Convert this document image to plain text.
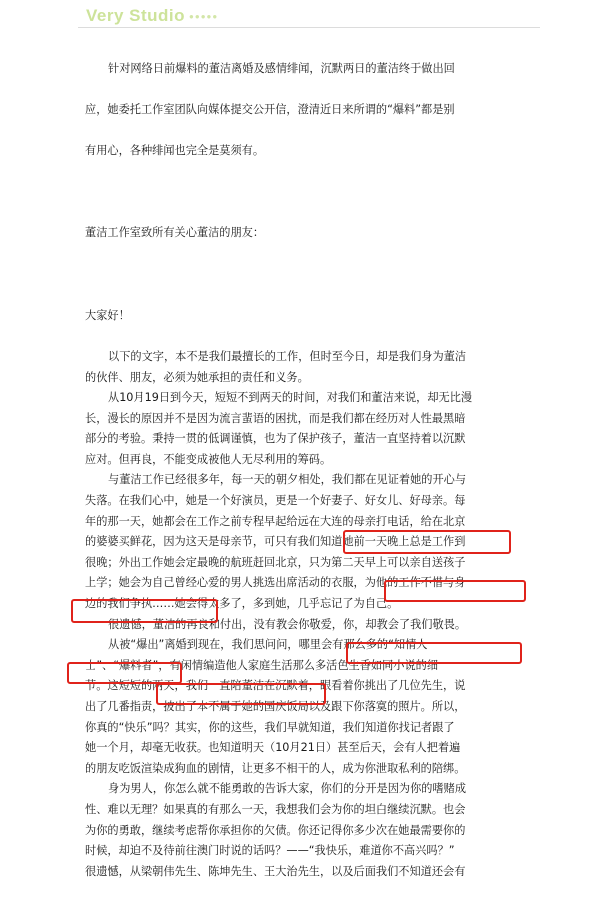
Very Studio ●●●●●

针对网络日前爆料的董洁离婚及感情绯闻，沉默两日的董洁终于做出回

应，她委托工作室团队向媒体提交公开信，澄清近日来所谓的“爆料”都是别

有用心，各种绯闻也完全是莫须有。

董洁工作室致所有关心董洁的朋友：

大家好！

以下的文字，本不是我们最擅长的工作，但时至今日，却是我们身为董洁
的伙伴、朋友，必须为她承担的责任和义务。
从10月19日到今天，短短不到两天的时间，对我们和董洁来说，却无比漫
长，漫长的原因并不是因为流言蜚语的困扰，而是我们都在经历对人性最黑暗
部分的考验。秉持一贯的低调谨慎，也为了保护孩子，董洁一直坚持着以沉默
应对。但再良，不能变成被他人无尽利用的筹码。
与董洁工作已经很多年，每一天的朝夕相处，我们都在见证着她的开心与
失落。在我们心中，她是一个好演员，更是一个好妻子、好女儿、好母亲。每
年的那一天，她都会在工作之前专程早起给远在大连的母亲打电话，给在北京
的婆婆买鲜花，因为这天是母亲节，可只有我们知道她前一天晚上总是工作到
很晚；外出工作她会定最晚的航班赶回北京，只为第二天早上可以亲自送孩子
上学；她会为自己曾经心爱的男人挑选出席活动的衣服，为他的工作不惜与身
边的我们争执……她会得太多了，多到她，几乎忘记了为自己。
很遗憾，董洁的再良和付出，没有教会你敬爱，你，却教会了我们敬畏。
从被“爆出”离婚到现在，我们思问问，哪里会有那么多的“知情人
士”、“爆料者”，有闲情编造他人家庭生活那么多活色生香如同小说的细
节。这短短的两天，我们一直陪董洁在沉默着，眼看着你挑出了几位先生，说
出了几番指责，披出了本不属于她的国庆饭局以及跟下你落寞的照片。所以，
你真的“快乐”吗？其实，你的这些，我们早就知道，我们知道你找记者跟了
她一个月，却毫无收获。也知道明天（10月21日）甚至后天，会有人把着遍
的朋友吃饭渲染成狗血的剧情，让更多不相干的人，成为你泄取私利的陪绑。
身为男人，你怎么就不能勇敢的告诉大家，你们的分开是因为你的嗜赌成
性、难以无理？如果真的有那么一天，我想我们会为你的坦白继续沉默。也会
为你的勇敢，继续考虑帮你承担你的欠债。你还记得你多少次在她最需要你的
时候，却迫不及待前往澳门时说的话吗？——“我快乐，难道你不高兴吗？”
很遗憾，从梁朝伟先生、陈坤先生、王大治先生，以及后面我们不知道还会有
